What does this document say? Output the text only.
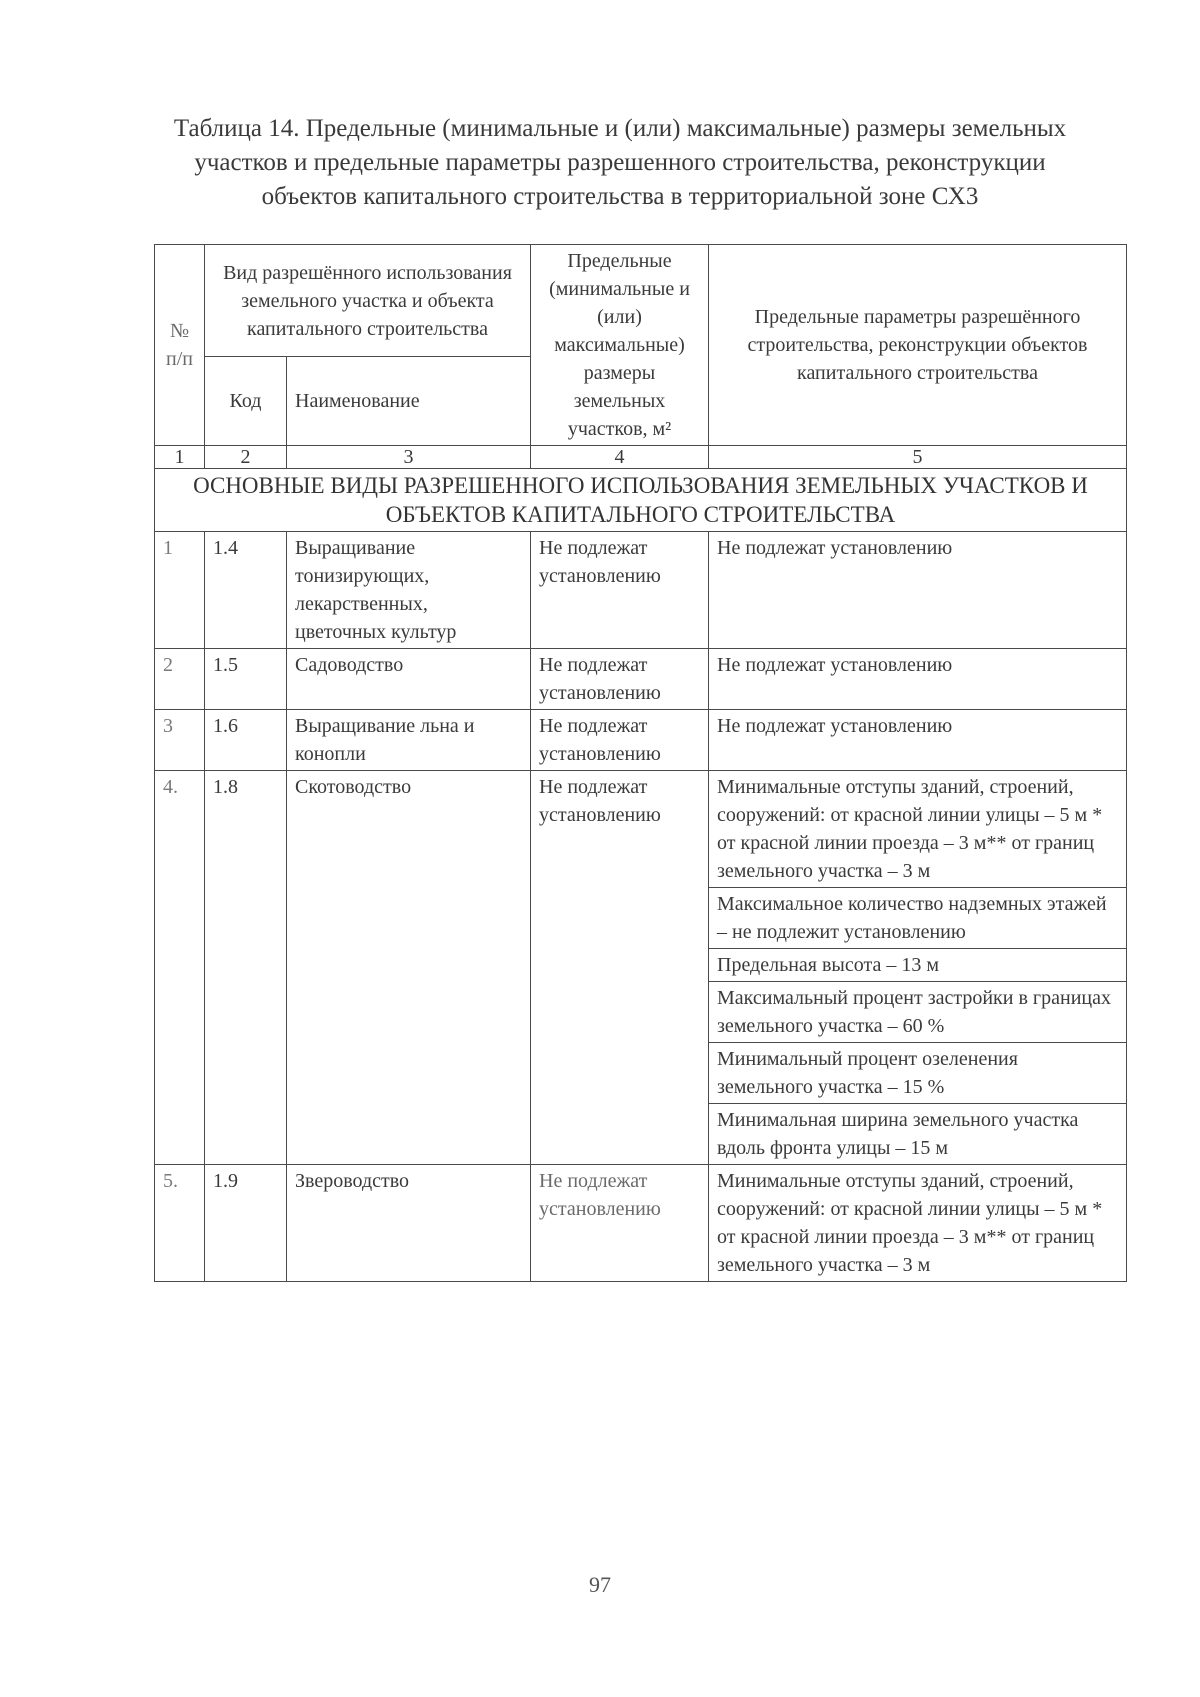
Таблица 14. Предельные (минимальные и (или) максимальные) размеры земельных участков и предельные параметры разрешенного строительства, реконструкции объектов капитального строительства в территориальной зоне СХ3
№ п/п	Вид разрешённого использования земельного участка и объекта капитального строительства		Предельные (минимальные и (или) максимальные) размеры земельных участков, м²	Предельные параметры разрешённого строительства, реконструкции объектов капитального строительства
	Код	Наименование		
1	2	3	4	5
ОСНОВНЫЕ ВИДЫ РАЗРЕШЕННОГО ИСПОЛЬЗОВАНИЯ ЗЕМЕЛЬНЫХ УЧАСТКОВ И ОБЪЕКТОВ КАПИТАЛЬНОГО СТРОИТЕЛЬСТВА				
1	1.4	Выращивание тонизирующих, лекарственных, цветочных культур	Не подлежат установлению	Не подлежат установлению
2	1.5	Садоводство	Не подлежат установлению	Не подлежат установлению
3	1.6	Выращивание льна и конопли	Не подлежат установлению	Не подлежат установлению
4.	1.8	Скотоводство	Не подлежат установлению	Минимальные отступы зданий, строений, сооружений: от красной линии улицы – 5 м * от красной линии проезда – 3 м** от границ земельного участка – 3 м
				Максимальное количество надземных этажей – не подлежит установлению
				Предельная высота – 13 м
				Максимальный процент застройки в границах земельного участка – 60 %
				Минимальный процент озеленения земельного участка – 15 %
				Минимальная ширина земельного участка вдоль фронта улицы – 15 м
5.	1.9	Звероводство	Не подлежат установлению	Минимальные отступы зданий, строений, сооружений: от красной линии улицы – 5 м * от красной линии проезда – 3 м** от границ земельного участка – 3 м
97
